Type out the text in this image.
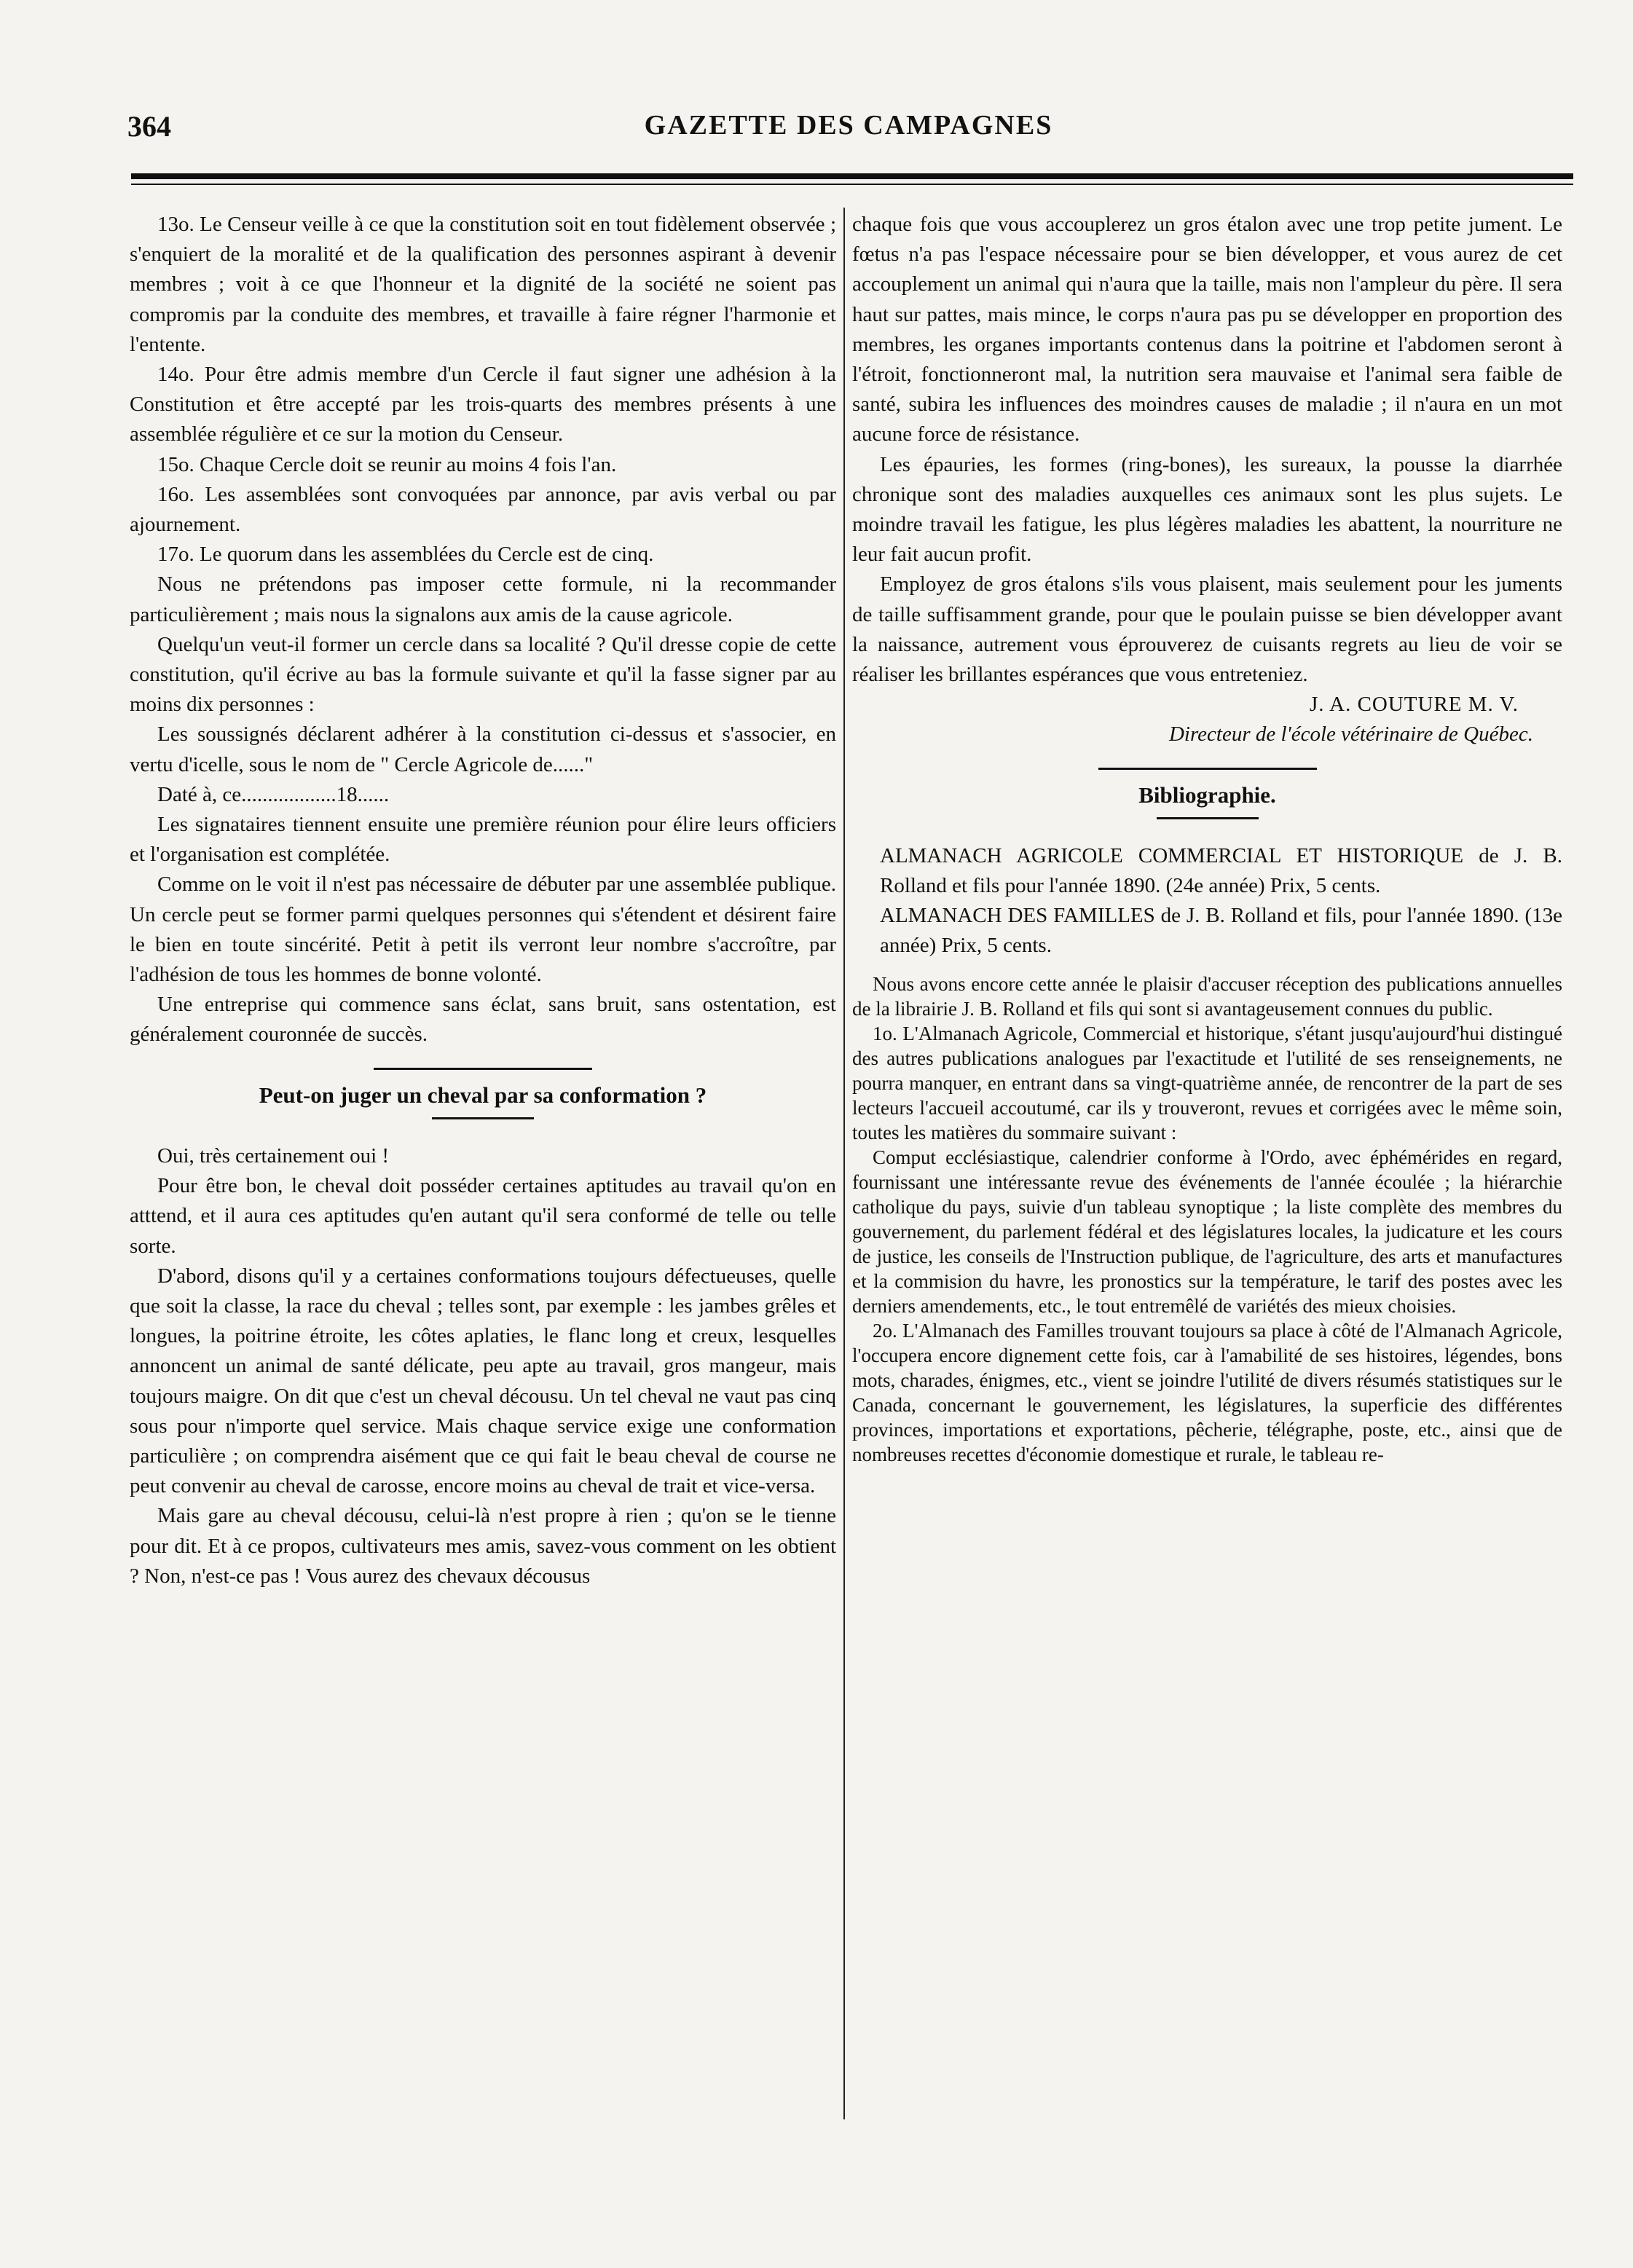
364	GAZETTE DES CAMPAGNES

13o. Le Censeur veille à ce que la constitution soit en tout fidèlement observée ; s'enquiert de la moralité et de la qualification des personnes aspirant à devenir membres ; voit à ce que l'honneur et la dignité de la société ne soient pas compromis par la conduite des membres, et travaille à faire régner l'harmonie et l'entente.

14o. Pour être admis membre d'un Cercle il faut signer une adhésion à la Constitution et être accepté par les trois-quarts des membres présents à une assemblée régulière et ce sur la motion du Censeur.

15o. Chaque Cercle doit se reunir au moins 4 fois l'an.

16o. Les assemblées sont convoquées par annonce, par avis verbal ou par ajournement.

17o. Le quorum dans les assemblées du Cercle est de cinq.

Nous ne prétendons pas imposer cette formule, ni la recommander particulièrement ; mais nous la signalons aux amis de la cause agricole.

Quelqu'un veut-il former un cercle dans sa localité ? Qu'il dresse copie de cette constitution, qu'il écrive au bas la formule suivante et qu'il la fasse signer par au moins dix personnes :

Les soussignés déclarent adhérer à la constitution ci-dessus et s'associer, en vertu d'icelle, sous le nom de " Cercle Agricole de......"

Daté à, ce..................18......

Les signataires tiennent ensuite une première réunion pour élire leurs officiers et l'organisation est complétée.

Comme on le voit il n'est pas nécessaire de débuter par une assemblée publique. Un cercle peut se former parmi quelques personnes qui s'étendent et désirent faire le bien en toute sincérité. Petit à petit ils verront leur nombre s'accroître, par l'adhésion de tous les hommes de bonne volonté.

Une entreprise qui commence sans éclat, sans bruit, sans ostentation, est généralement couronnée de succès.

Peut-on juger un cheval par sa conformation ?

Oui, très certainement oui !

Pour être bon, le cheval doit posséder certaines aptitudes au travail qu'on en atttend, et il aura ces aptitudes qu'en autant qu'il sera conformé de telle ou telle sorte.

D'abord, disons qu'il y a certaines conformations toujours défectueuses, quelle que soit la classe, la race du cheval ; telles sont, par exemple : les jambes grêles et longues, la poitrine étroite, les côtes aplaties, le flanc long et creux, lesquelles annoncent un animal de santé délicate, peu apte au travail, gros mangeur, mais toujours maigre. On dit que c'est un cheval décousu. Un tel cheval ne vaut pas cinq sous pour n'importe quel service. Mais chaque service exige une conformation particulière ; on comprendra aisément que ce qui fait le beau cheval de course ne peut convenir au cheval de carosse, encore moins au cheval de trait et vice-versa.

Mais gare au cheval décousu, celui-là n'est propre à rien ; qu'on se le tienne pour dit. Et à ce propos, cultivateurs mes amis, savez-vous comment on les obtient ? Non, n'est-ce pas ! Vous aurez des chevaux décousus

chaque fois que vous accouplerez un gros étalon avec une trop petite jument. Le fœtus n'a pas l'espace nécessaire pour se bien développer, et vous aurez de cet accouplement un animal qui n'aura que la taille, mais non l'ampleur du père. Il sera haut sur pattes, mais mince, le corps n'aura pas pu se développer en proportion des membres, les organes importants contenus dans la poitrine et l'abdomen seront à l'étroit, fonctionneront mal, la nutrition sera mauvaise et l'animal sera faible de santé, subira les influences des moindres causes de maladie ; il n'aura en un mot aucune force de résistance.

Les épauries, les formes (ring-bones), les sureaux, la pousse la diarrhée chronique sont des maladies auxquelles ces animaux sont les plus sujets. Le moindre travail les fatigue, les plus légères maladies les abattent, la nourriture ne leur fait aucun profit.

Employez de gros étalons s'ils vous plaisent, mais seulement pour les juments de taille suffisamment grande, pour que le poulain puisse se bien développer avant la naissance, autrement vous éprouverez de cuisants regrets au lieu de voir se réaliser les brillantes espérances que vous entreteniez.

J. A. COUTURE M. V.
Directeur de l'école vétérinaire de Québec.
Bibliographie.

ALMANACH AGRICOLE COMMERCIAL ET HISTORIQUE de J. B. Rolland et fils pour l'année 1890. (24e année) Prix, 5 cents.

ALMANACH DES FAMILLES de J. B. Rolland et fils, pour l'année 1890. (13e année) Prix, 5 cents.

Nous avons encore cette année le plaisir d'accuser réception des publications annuelles de la librairie J. B. Rolland et fils qui sont si avantageusement connues du public.

1o. L'Almanach Agricole, Commercial et historique, s'étant jusqu'aujourd'hui distingué des autres publications analogues par l'exactitude et l'utilité de ses renseignements, ne pourra manquer, en entrant dans sa vingt-quatrième année, de rencontrer de la part de ses lecteurs l'accueil accoutumé, car ils y trouveront, revues et corrigées avec le même soin, toutes les matières du sommaire suivant :

Comput ecclésiastique, calendrier conforme à l'Ordo, avec éphémérides en regard, fournissant une intéressante revue des événements de l'année écoulée ; la hiérarchie catholique du pays, suivie d'un tableau synoptique ; la liste complète des membres du gouvernement, du parlement fédéral et des législatures locales, la judicature et les cours de justice, les conseils de l'Instruction publique, de l'agriculture, des arts et manufactures et la commision du havre, les pronostics sur la température, le tarif des postes avec les derniers amendements, etc., le tout entremêlé de variétés des mieux choisies.

2o. L'Almanach des Familles trouvant toujours sa place à côté de l'Almanach Agricole, l'occupera encore dignement cette fois, car à l'amabilité de ses histoires, légendes, bons mots, charades, énigmes, etc., vient se joindre l'utilité de divers résumés statistiques sur le Canada, concernant le gouvernement, les législatures, la superficie des différentes provinces, importations et exportations, pêcherie, télégraphe, poste, etc., ainsi que de nombreuses recettes d'économie domestique et rurale, le tableau re-
